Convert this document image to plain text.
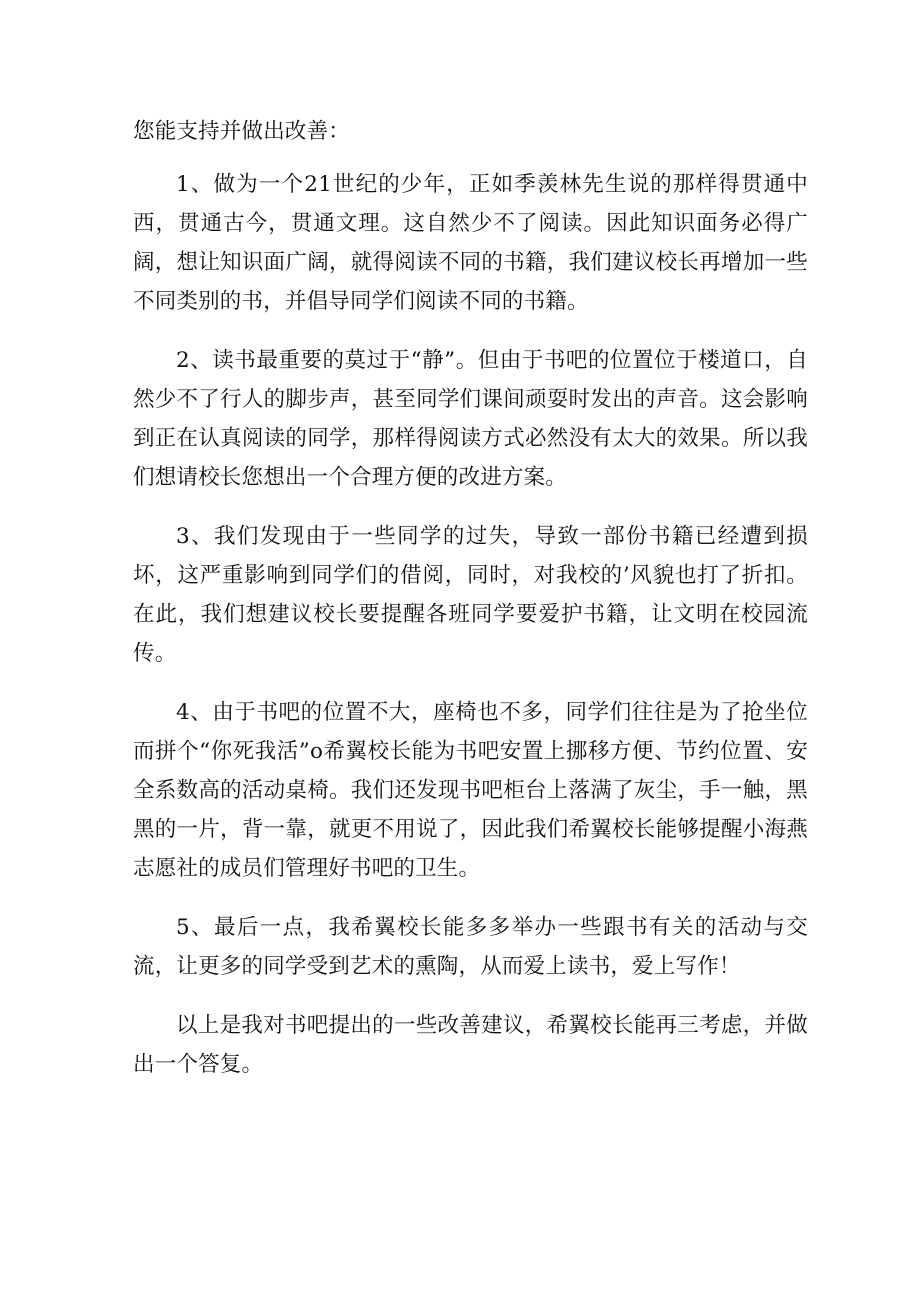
您能支持并做出改善：

1、做为一个21世纪的少年，正如季羡林先生说的那样得贯通中西，贯通古今，贯通文理。这自然少不了阅读。因此知识面务必得广阔，想让知识面广阔，就得阅读不同的书籍，我们建议校长再增加一些不同类别的书，并倡导同学们阅读不同的书籍。

2、读书最重要的莫过于“静”。但由于书吧的位置位于楼道口，自然少不了行人的脚步声，甚至同学们课间顽耍时发出的声音。这会影响到正在认真阅读的同学，那样得阅读方式必然没有太大的效果。所以我们想请校长您想出一个合理方便的改进方案。

3、我们发现由于一些同学的过失，导致一部份书籍已经遭到损坏，这严重影响到同学们的借阅，同时，对我校的’风貌也打了折扣。在此，我们想建议校长要提醒各班同学要爱护书籍，让文明在校园流传。

4、由于书吧的位置不大，座椅也不多，同学们往往是为了抢坐位而拼个“你死我活”o希翼校长能为书吧安置上挪移方便、节约位置、安全系数高的活动桌椅。我们还发现书吧柜台上落满了灰尘，手一触，黑黑的一片，背一靠，就更不用说了，因此我们希翼校长能够提醒小海燕志愿社的成员们管理好书吧的卫生。

5、最后一点，我希翼校长能多多举办一些跟书有关的活动与交流，让更多的同学受到艺术的熏陶，从而爱上读书，爱上写作！

以上是我对书吧提出的一些改善建议，希翼校长能再三考虑，并做出一个答复。
